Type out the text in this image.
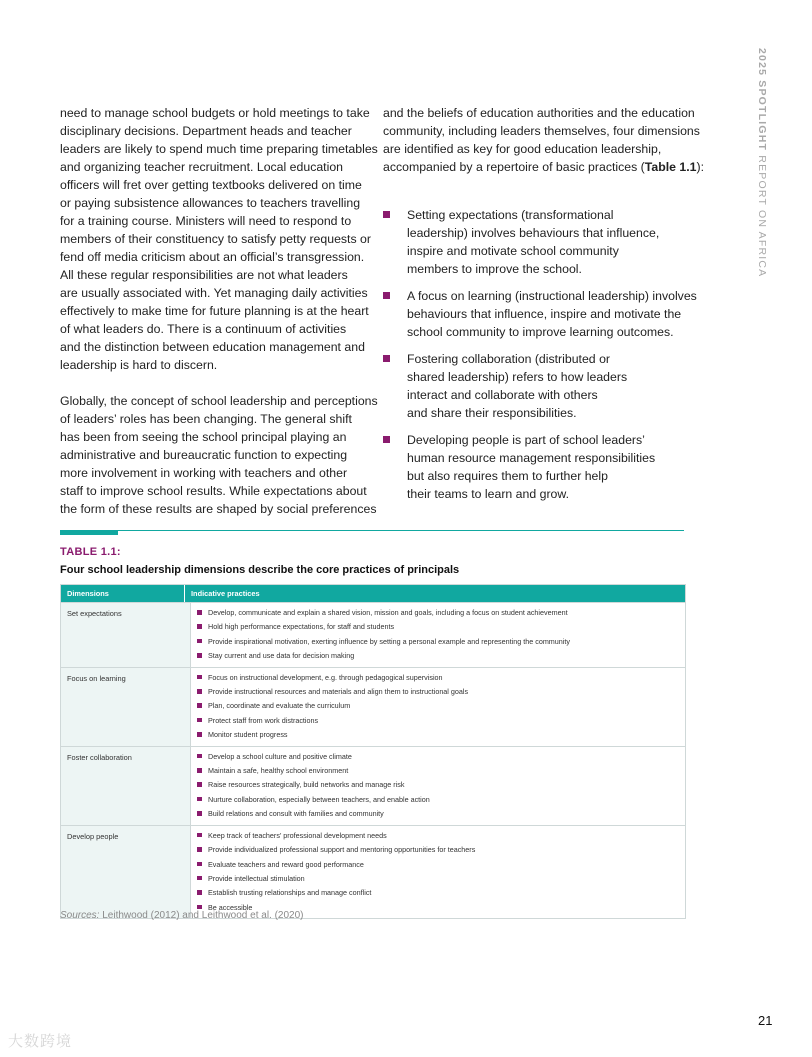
2025 SPOTLIGHT REPORT ON AFRICA
need to manage school budgets or hold meetings to take
disciplinary decisions. Department heads and teacher
leaders are likely to spend much time preparing timetables
and organizing teacher recruitment. Local education
officers will fret over getting textbooks delivered on time
or paying subsistence allowances to teachers travelling
for a training course. Ministers will need to respond to
members of their constituency to satisfy petty requests or
fend off media criticism about an official’s transgression.
All these regular responsibilities are not what leaders
are usually associated with. Yet managing daily activities
effectively to make time for future planning is at the heart
of what leaders do. There is a continuum of activities
and the distinction between education management and
leadership is hard to discern.
Globally, the concept of school leadership and perceptions
of leaders’ roles has been changing. The general shift
has been from seeing the school principal playing an
administrative and bureaucratic function to expecting
more involvement in working with teachers and other
staff to improve school results. While expectations about
the form of these results are shaped by social preferences
and the beliefs of education authorities and the education
community, including leaders themselves, four dimensions
are identified as key for good education leadership,
accompanied by a repertoire of basic practices (Table 1.1):
Setting expectations (transformational
leadership) involves behaviours that influence,
inspire and motivate school community
members to improve the school.
A focus on learning (instructional leadership) involves
behaviours that influence, inspire and motivate the
school community to improve learning outcomes.
Fostering collaboration (distributed or
shared leadership) refers to how leaders
interact and collaborate with others
and share their responsibilities.
Developing people is part of school leaders’
human resource management responsibilities
but also requires them to further help
their teams to learn and grow.
TABLE 1.1:
Four school leadership dimensions describe the core practices of principals
Dimensions	Indicative practices
Set expectations	Develop, communicate and explain a shared vision, mission and goals, including a focus on student achievement
Hold high performance expectations, for staff and students
Provide inspirational motivation, exerting influence by setting a personal example and representing the community
Stay current and use data for decision making
Focus on learning	Focus on instructional development, e.g. through pedagogical supervision
Provide instructional resources and materials and align them to instructional goals
Plan, coordinate and evaluate the curriculum
Protect staff from work distractions
Monitor student progress
Foster collaboration	Develop a school culture and positive climate
Maintain a safe, healthy school environment
Raise resources strategically, build networks and manage risk
Nurture collaboration, especially between teachers, and enable action
Build relations and consult with families and community
Develop people	Keep track of teachers’ professional development needs
Provide individualized professional support and mentoring opportunities for teachers
Evaluate teachers and reward good performance
Provide intellectual stimulation
Establish trusting relationships and manage conflict
Be accessible
Sources: Leithwood (2012) and Leithwood et al. (2020)
21
大数跨境
